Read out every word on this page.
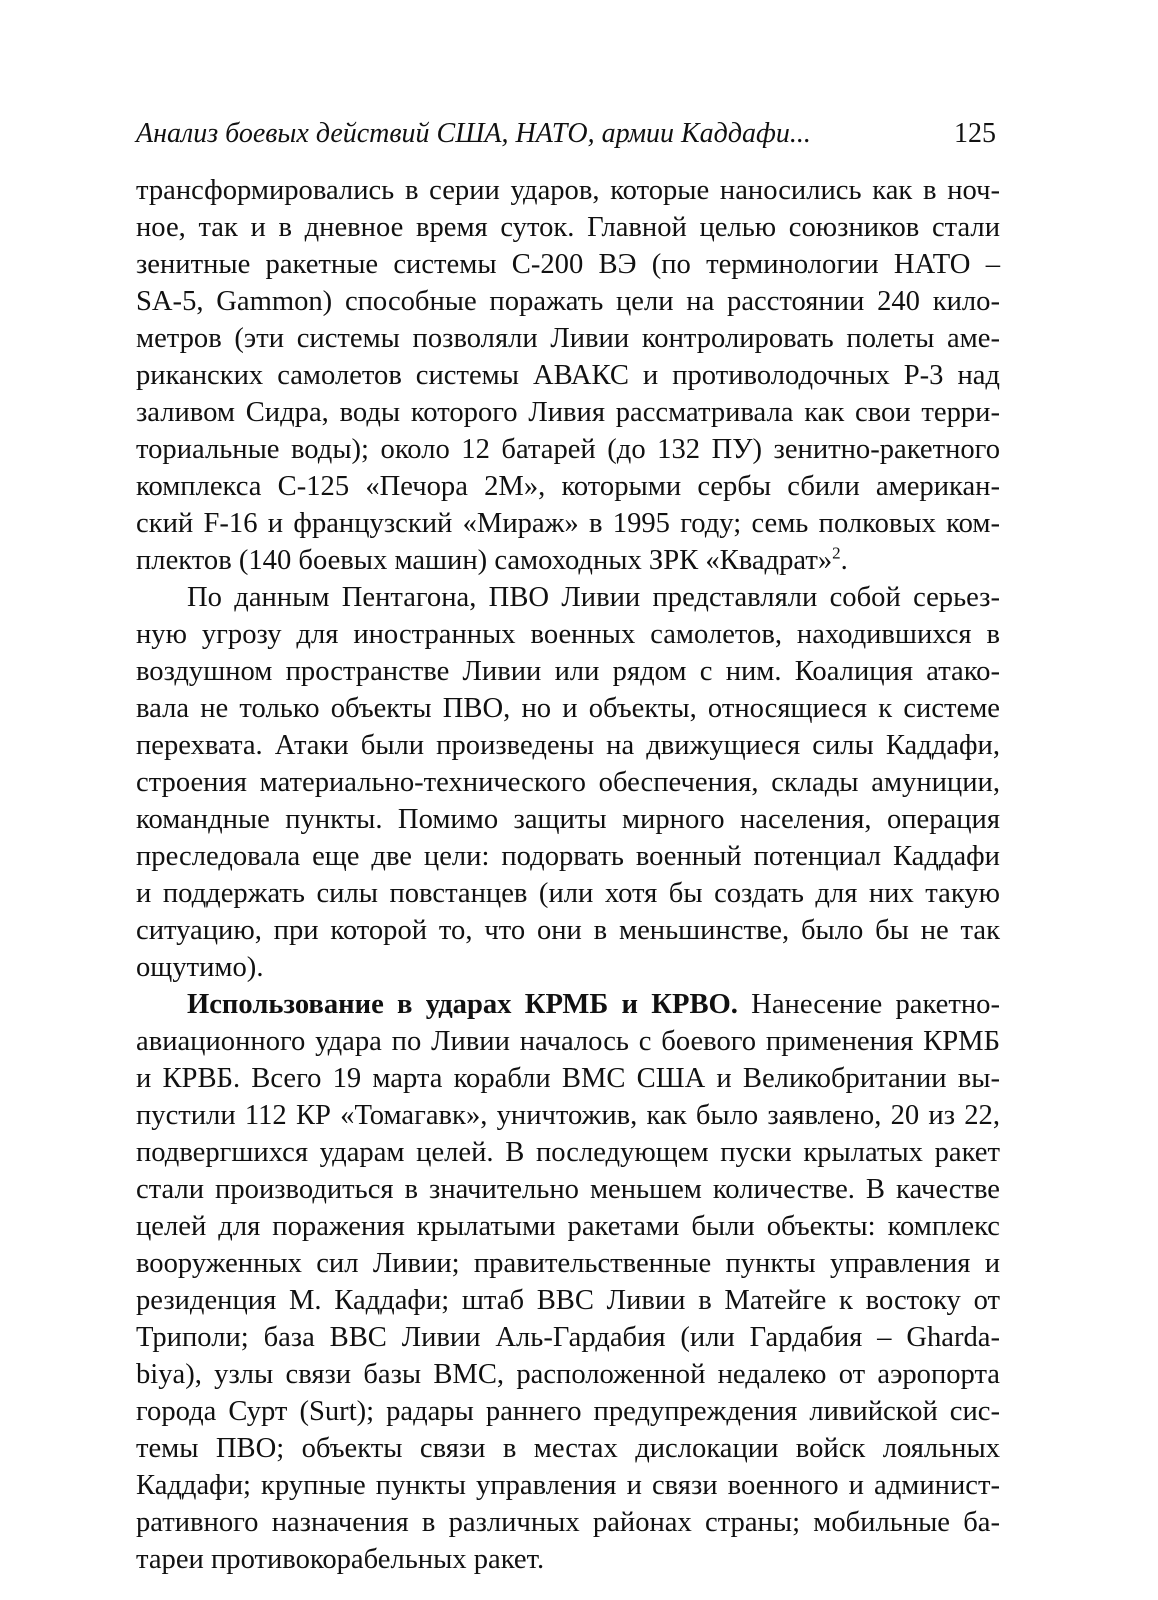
Анализ боевых действий США, НАТО, армии Каддафи...	125
трансформировались в серии ударов, которые наносились как в ноч-
ное, так и в дневное время суток. Главной целью союзников стали
зенитные ракетные системы С-200 ВЭ (по терминологии НАТО –
SA-5, Gammon) способные поражать цели на расстоянии 240 кило-
метров (эти системы позволяли Ливии контролировать полеты аме-
риканских самолетов системы АВАКС и противолодочных Р-3 над
заливом Сидра, воды которого Ливия рассматривала как свои терри-
ториальные воды); около 12 батарей (до 132 ПУ) зенитно-ракетного
комплекса С-125 «Печора 2М», которыми сербы сбили американ-
ский F-16 и французский «Мираж» в 1995 году; семь полковых ком-
плектов (140 боевых машин) самоходных ЗРК «Квадрат»$^2$.
По данным Пентагона, ПВО Ливии представляли собой серьез-
ную угрозу для иностранных военных самолетов, находившихся в
воздушном пространстве Ливии или рядом с ним. Коалиция атако-
вала не только объекты ПВО, но и объекты, относящиеся к системе
перехвата. Атаки были произведены на движущиеся силы Каддафи,
строения материально-технического обеспечения, склады амуниции,
командные пункты. Помимо защиты мирного населения, операция
преследовала еще две цели: подорвать военный потенциал Каддафи
и поддержать силы повстанцев (или хотя бы создать для них такую
ситуацию, при которой то, что они в меньшинстве, было бы не так
ощутимо).
Использование в ударах КРМБ и КРВО. Нанесение ракетно-
авиационного удара по Ливии началось с боевого применения КРМБ
и КРВБ. Всего 19 марта корабли ВМС США и Великобритании вы-
пустили 112 КР «Томагавк», уничтожив, как было заявлено, 20 из 22,
подвергшихся ударам целей. В последующем пуски крылатых ракет
стали производиться в значительно меньшем количестве. В качестве
целей для поражения крылатыми ракетами были объекты: комплекс
вооруженных сил Ливии; правительственные пункты управления и
резиденция М. Каддафи; штаб ВВС Ливии в Матейге к востоку от
Триполи; база ВВС Ливии Аль-Гардабия (или Гардабия – Gharda-
biya), узлы связи базы ВМС, расположенной недалеко от аэропорта
города Сурт (Surt); радары раннего предупреждения ливийской сис-
темы ПВО; объекты связи в местах дислокации войск лояльных
Каддафи; крупные пункты управления и связи военного и админист-
ративного назначения в различных районах страны; мобильные ба-
тареи противокорабельных ракет.
